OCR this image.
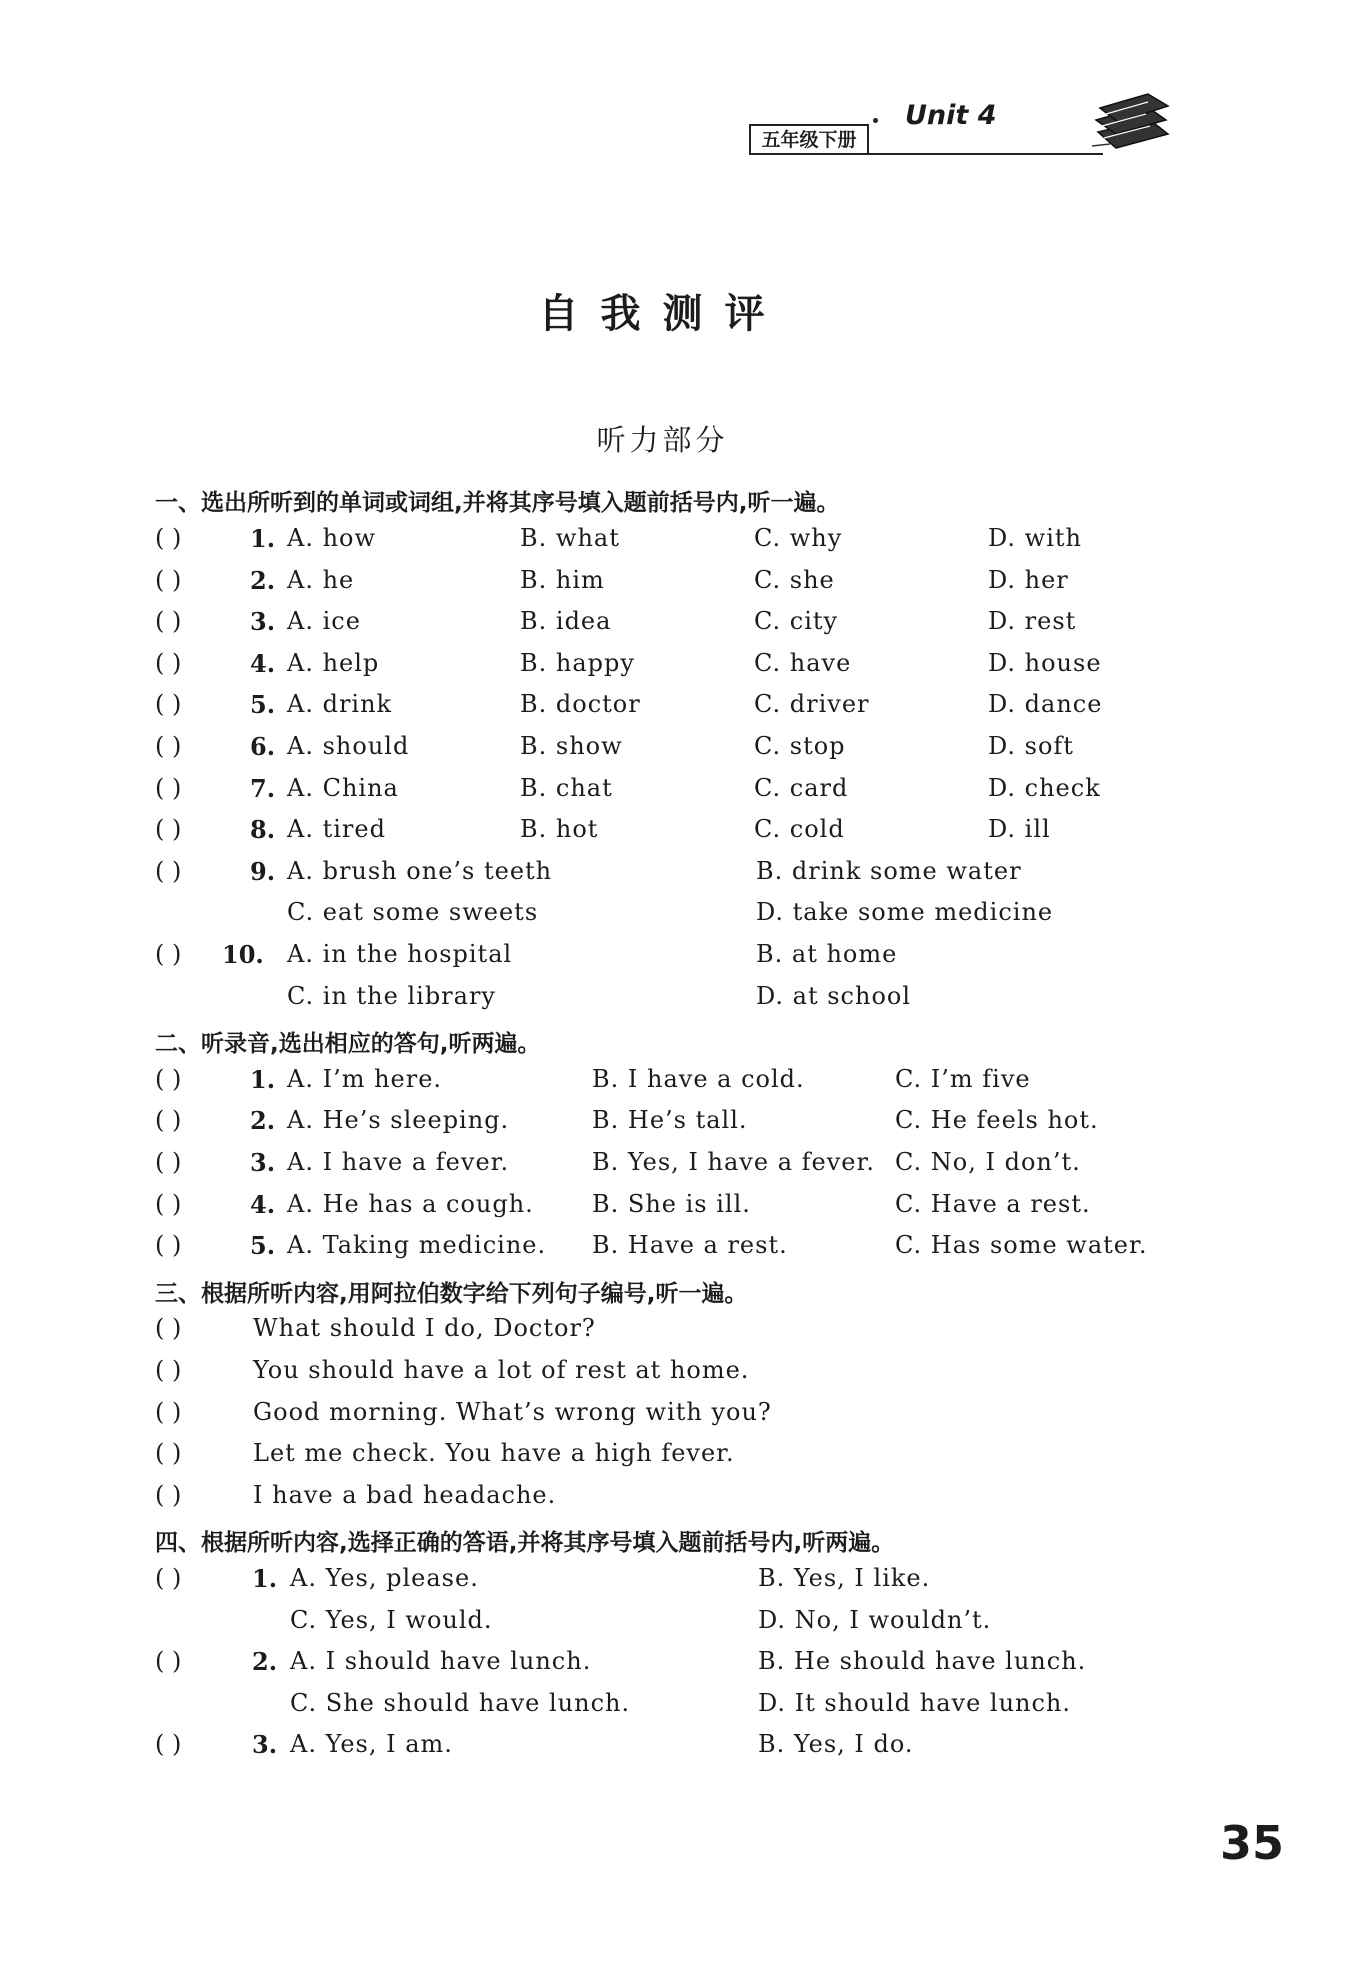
五年级下册
Unit 4
自我测评
听力部分
一、选出所听到的单词或词组,并将其序号填入题前括号内,听一遍。
( )	1. A. how	B. what	C. why	D. with
( )	2. A. he	B. him	C. she	D. her
( )	3. A. ice	B. idea	C. city	D. rest
( )	4. A. help	B. happy	C. have	D. house
( )	5. A. drink	B. doctor	C. driver	D. dance
( )	6. A. should	B. show	C. stop	D. soft
( )	7. A. China	B. chat	C. card	D. check
( )	8. A. tired	B. hot	C. cold	D. ill
( )	9. A. brush one’s teeth	B. drink some water
C. eat some sweets	D. take some medicine
( ) 10. A. in the hospital	B. at home
C. in the library	D. at school
二、听录音,选出相应的答句,听两遍。
( )	1. A. I’m here.	B. I have a cold.	C. I’m five
( )	2. A. He’s sleeping.	B. He’s tall.	C. He feels hot.
( )	3. A. I have a fever.	B. Yes, I have a fever. C. No, I don’t.
( )	4. A. He has a cough. B. She is ill.	C. Have a rest.
( )	5. A. Taking medicine. B. Have a rest.	C. Has some water.
三、根据所听内容,用阿拉伯数字给下列句子编号,听一遍。
( )	What should I do, Doctor?
( )	You should have a lot of rest at home.
( )	Good morning. What’s wrong with you?
( )	Let me check. You have a high fever.
( )	I have a bad headache.
四、根据所听内容,选择正确的答语,并将其序号填入题前括号内,听两遍。
( )	1. A. Yes, please.	B. Yes, I like.
C. Yes, I would.	D. No, I wouldn’t.
( )	2. A. I should have lunch.	B. He should have lunch.
C. She should have lunch.	D. It should have lunch.
( )	3. A. Yes, I am.	B. Yes, I do.
35
